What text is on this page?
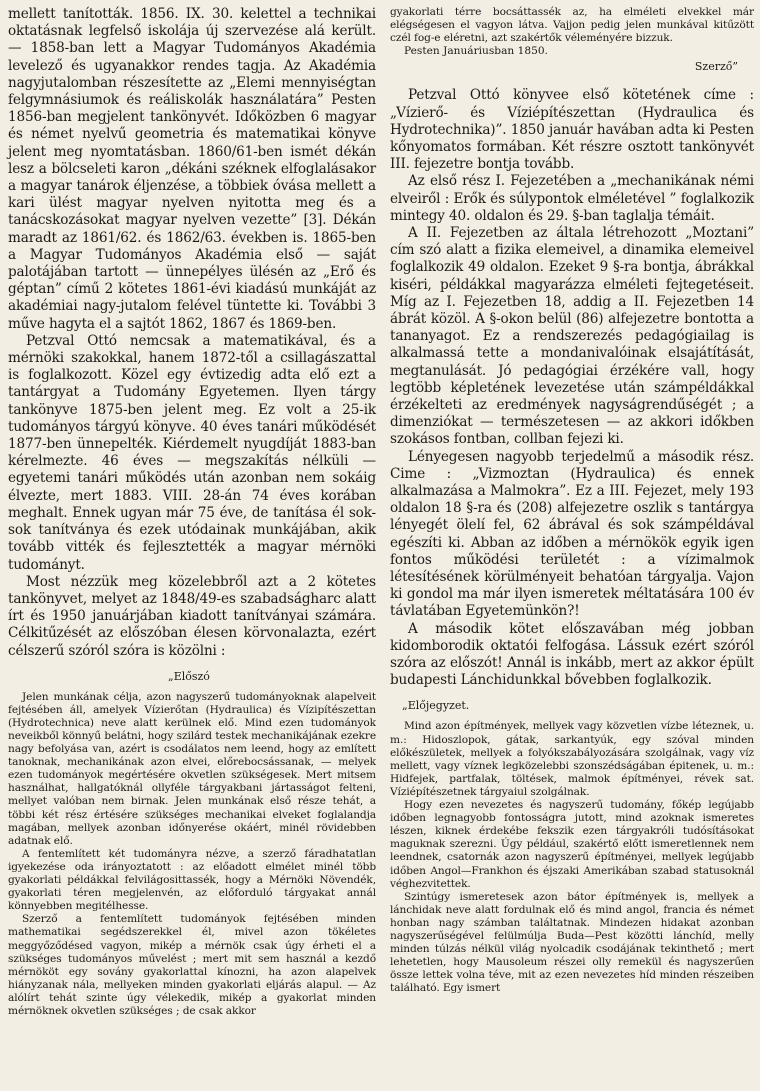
mellett tanították. 1856. IX. 30. kelettel a technikai oktatásnak legfelső iskolája új szervezése alá került. — 1858-ban lett a Magyar Tudományos Akadémia levelező és ugyanakkor rendes tagja. Az Akadémia nagyjutalomban részesítette az „Elemi mennyiségtan felgymnásiumok és reáliskolák használatára” Pesten 1856-ban megjelent tankönyvét. Időközben 6 magyar és német nyelvű geometria és matematikai könyve jelent meg nyomtatásban. 1860/61-ben ismét dékán lesz a bölcseleti karon „dékáni széknek elfoglalásakor a magyar tanárok éljenzése, a többiek óvása mellett a kari ülést magyar nyelven nyitotta meg és a tanácskozásokat magyar nyelven vezette” [3]. Dékán maradt az 1861/62. és 1862/63. években is. 1865-ben a Magyar Tudományos Akadémia első — saját palotájában tartott — ünnepélyes ülésén az „Erő és géptan” című 2 kötetes 1861-évi kiadású munkáját az akadémiai nagy-jutalom felével tüntette ki. További 3 műve hagyta el a sajtót 1862, 1867 és 1869-ben.

Petzval Ottó nemcsak a matematikával, és a mérnöki szakokkal, hanem 1872-től a csillagászattal is foglalkozott. Közel egy évtizedig adta elő ezt a tantárgyat a Tudomány Egyetemen. Ilyen tárgy tankönyve 1875-ben jelent meg. Ez volt a 25-ik tudományos tárgyú könyve. 40 éves tanári működését 1877-ben ünnepelték. Kiérdemelt nyugdíját 1883-ban kérelmezte. 46 éves — megszakítás nélküli — egyetemi tanári működés után azonban nem sokáig élvezte, mert 1883. VIII. 28-án 74 éves korában meghalt. Ennek ugyan már 75 éve, de tanítása él sok-sok tanítványa és ezek utódainak munkájában, akik tovább vitték és fejlesztették a magyar mérnöki tudományt.

Most nézzük meg közelebbről azt a 2 kötetes tankönyvet, melyet az 1848/49-es szabadságharc alatt írt és 1950 januárjában kiadott tanítványai számára. Célkitűzését az előszóban élesen körvonalazta, ezért célszerű szóról szóra is közölni :

„Előszó

Jelen munkának célja, azon nagyszerű tudományoknak alapelveit fejtésében áll, amelyek Vízierőtan (Hydraulica) és Vízipítészettan (Hydrotechnica) neve alatt kerülnek elő. Mind ezen tudományok neveikből könnyű belátni, hogy szilárd testek mechanikájának ezekre nagy befolyása van, azért is csodálatos nem leend, hogy az említett tanoknak, mechanikának azon elvei, előrebocsássanak, — melyek ezen tudományok megértésére okvetlen szükségesek. Mert mitsem használhat, hallgatóknál ollyféle tárgyakbani jártasságot felteni, mellyet valóban nem birnak. Jelen munkának első része tehát, a többi két rész értésére szükséges mechanikai elveket foglalandja magában, mellyek azonban időnyerése okáért, minél rövidebben adatnak elő.

A fentemlített két tudományra nézve, a szerző fáradhatatlan igyekezése oda irányoztatott : az előadott elmélet minél több gyakorlati példákkal felvilágosittassék, hogy a Mérnöki Növendék, gyakorlati téren megjelenvén, az előforduló tárgyakat annál könnyebben megitélhesse.

Szerző a fentemlített tudományok fejtésében minden mathematikai segédszerekkel él, mivel azon tökéletes meggyőződésed vagyon, mikép a mérnök csak úgy érheti el a szükséges tudományos művelést ; mert mit sem használ a kezdő mérnököt egy sovány gyakorlattal kínozni, ha azon alapelvek hiányzanak nála, mellyeken minden gyakorlati eljárás alapul. — Az alólírt tehát szinte úgy vélekedik, mikép a gyakorlat minden mérnöknek okvetlen szükséges ; de csak akkor

gyakorlati térre bocsáttassék az, ha elméleti elvekkel már elégségesen el vagyon látva. Vajjon pedig jelen munkával kitűzött czél fog-e eléretni, azt szakértők véleményére bizzuk.

Pesten Januáriusban 1850.
Szerző”

Petzval Ottó könyvee első kötetének címe : „Vízierő- és Víziépítészettan (Hydraulica és Hydrotechnika)”. 1850 január havában adta ki Pesten kőnyomatos formában. Két részre osztott tankönyvét III. fejezetre bontja tovább.

Az első rész I. Fejezetében a „mechanikának némi elveiről : Erők és súlypontok elméletével ” foglalkozik mintegy 40. oldalon és 29. §-ban taglalja témáit.

A II. Fejezetben az általa létrehozott „Moztani” cím szó alatt a fizika elemeivel, a dinamika elemeivel foglalkozik 49 oldalon. Ezeket 9 §-ra bontja, ábrákkal kiséri, példákkal magyarázza elméleti fejtegetéseit. Míg az I. Fejezetben 18, addig a II. Fejezetben 14 ábrát közöl. A §-okon belül (86) alfejezetre bontotta a tananyagot. Ez a rendszerezés pedagógiailag is alkalmassá tette a mondanivalóinak elsajátítását, megtanulását. Jó pedagógiai érzékére vall, hogy legtöbb képletének levezetése után számpéldákkal érzékelteti az eredmények nagyságrendűségét ; a dimenziókat — természetesen — az akkori időkben szokásos fontban, collban fejezi ki.

Lényegesen nagyobb terjedelmű a második rész. Cime : „Vizmoztan (Hydraulica) és ennek alkalmazása a Malmokra”. Ez a III. Fejezet, mely 193 oldalon 18 §-ra és (208) alfejezetre oszlik s tantárgya lényegét ölelí fel, 62 ábrával és sok számpéldával egészíti ki. Abban az időben a mérnökök egyik igen fontos működési területét : a vízimalmok létesítésének körülményeit behatóan tárgyalja. Vajon ki gondol ma már ilyen ismeretek méltatására 100 év távlatában Egyetemünkön?!

A második kötet előszavában még jobban kidomborodik oktatói felfogása. Lássuk ezért szóról szóra az előszót! Annál is inkább, mert az akkor épült budapesti Lánchidunkkal bővebben foglalkozik.

„Előjegyzet.

Mind azon építmények, mellyek vagy közvetlen vízbe léteznek, u. m.: Hidoszlopok, gátak, sarkantyúk, egy szóval minden előkészületek, mellyek a folyókszabályozására szolgálnak, vagy víz mellett, vagy víznek legközelebbi szonszédságában épitenek, u. m.: Hidfejek, partfalak, töltések, malmok építményei, révek sat. Víziépítészetnek tárgyaiul szolgálnak.

Hogy ezen nevezetes és nagyszerű tudomány, főkép legújabb időben legnagyobb fontosságra jutott, mind azoknak ismeretes lészen, kiknek érdekébe fekszik ezen tárgyakróli tudósításokat maguknak szerezni. Úgy például, szakértő előtt ismeretlennek nem leendnek, csatornák azon nagyszerű építményei, mellyek legújabb időben Angol—Frankhon és éjszaki Amerikában szabad statusoknál véghezvitettek.

Szintúgy ismeretesek azon bátor építmények is, mellyek a lánchidak neve alatt fordulnak elő és mind angol, francia és német honban nagy számban találtatnak. Mindezen hidakat azonban nagyszerűségével felülmúlja Buda—Pest közötti lánchíd, melly minden túlzás nélkül világ nyolcadik csodájának tekinthető ; mert lehetetlen, hogy Mausoleum részei olly remekül és nagyszerűen össze lettek volna téve, mit az ezen nevezetes híd minden részeiben található. Egy ismert
